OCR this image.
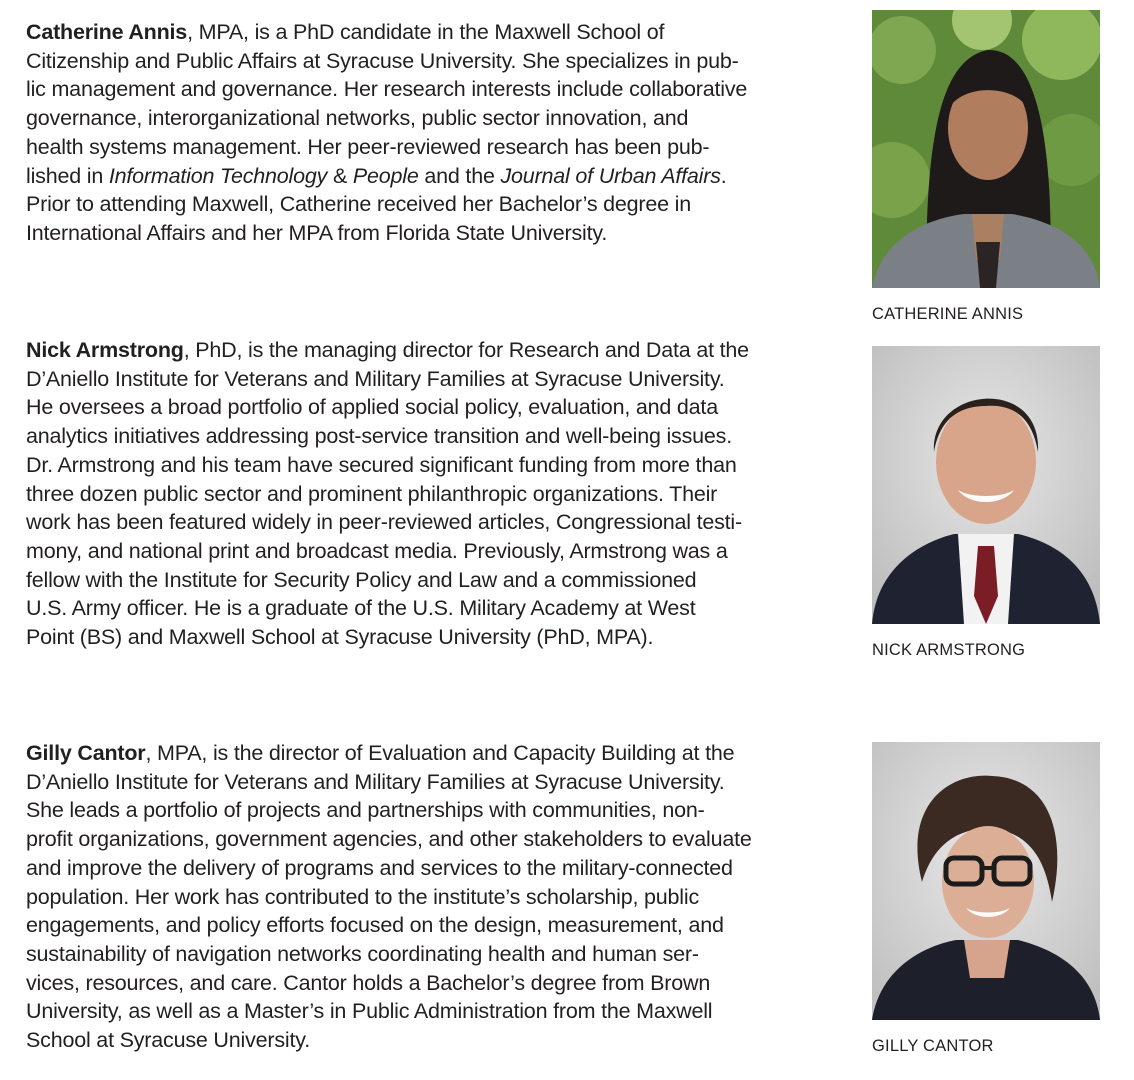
Catherine Annis, MPA, is a PhD candidate in the Maxwell School of
Citizenship and Public Affairs at Syracuse University. She specializes in pub-
lic management and governance. Her research interests include collaborative
governance, interorganizational networks, public sector innovation, and
health systems management. Her peer-reviewed research has been pub-
lished in Information Technology & People and the Journal of Urban Affairs.
Prior to attending Maxwell, Catherine received her Bachelor’s degree in
International Affairs and her MPA from Florida State University.
CATHERINE ANNIS
Nick Armstrong, PhD, is the managing director for Research and Data at the
D’Aniello Institute for Veterans and Military Families at Syracuse University.
He oversees a broad portfolio of applied social policy, evaluation, and data
analytics initiatives addressing post-service transition and well-being issues.
Dr. Armstrong and his team have secured significant funding from more than
three dozen public sector and prominent philanthropic organizations. Their
work has been featured widely in peer-reviewed articles, Congressional testi-
mony, and national print and broadcast media. Previously, Armstrong was a
fellow with the Institute for Security Policy and Law and a commissioned
U.S. Army officer. He is a graduate of the U.S. Military Academy at West
Point (BS) and Maxwell School at Syracuse University (PhD, MPA).
NICK ARMSTRONG
Gilly Cantor, MPA, is the director of Evaluation and Capacity Building at the
D’Aniello Institute for Veterans and Military Families at Syracuse University.
She leads a portfolio of projects and partnerships with communities, non-
profit organizations, government agencies, and other stakeholders to evaluate
and improve the delivery of programs and services to the military-connected
population. Her work has contributed to the institute’s scholarship, public
engagements, and policy efforts focused on the design, measurement, and
sustainability of navigation networks coordinating health and human ser-
vices, resources, and care. Cantor holds a Bachelor’s degree from Brown
University, as well as a Master’s in Public Administration from the Maxwell
School at Syracuse University.	GILLY CANTOR
